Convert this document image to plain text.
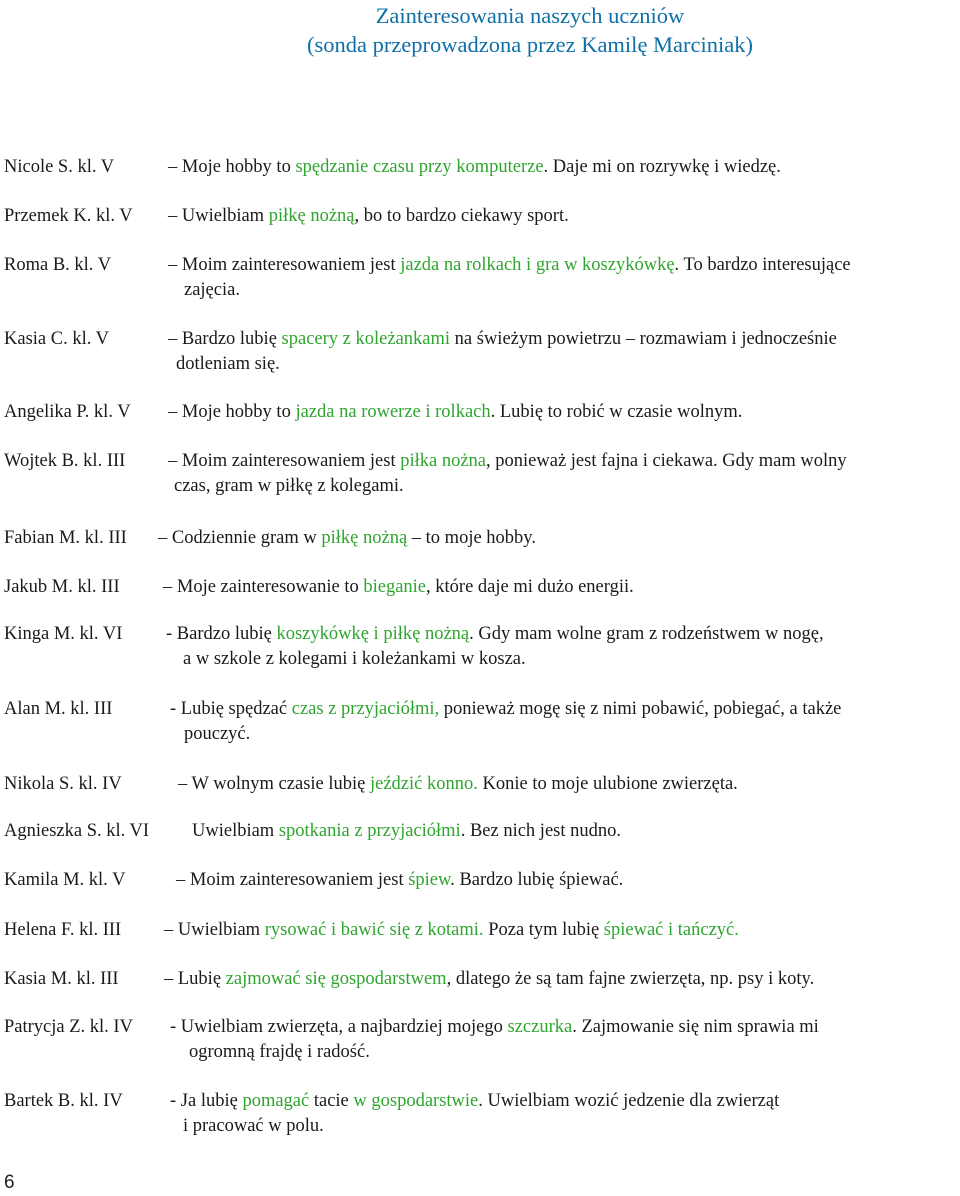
Zainteresowania naszych uczniów
(sonda przeprowadzona przez Kamilę Marciniak)
Nicole S. kl. V	– Moje hobby to spędzanie czasu przy komputerze. Daje mi on rozrywkę i wiedzę.
Przemek K. kl. V – Uwielbiam piłkę nożną, bo to bardzo ciekawy sport.
Roma B. kl. V	– Moim zainteresowaniem jest jazda na rolkach i gra w koszykówkę. To bardzo interesujące
zajęcia.
Kasia C. kl. V	– Bardzo lubię spacery z koleżankami na świeżym powietrzu – rozmawiam i jednocześnie
dotleniam się.
Angelika P. kl. V – Moje hobby to jazda na rowerze i rolkach. Lubię to robić w czasie wolnym.
Wojtek B. kl. III – Moim zainteresowaniem jest piłka nożna, ponieważ jest fajna i ciekawa. Gdy mam wolny
czas, gram w piłkę z kolegami.
Fabian M. kl. III – Codziennie gram w piłkę nożną – to moje hobby.
Jakub M. kl. III – Moje zainteresowanie to bieganie, które daje mi dużo energii.
Kinga M. kl. VI - Bardzo lubię koszykówkę i piłkę nożną. Gdy mam wolne gram z rodzeństwem w nogę,
a w szkole z kolegami i koleżankami w kosza.
Alan M. kl. III	- Lubię spędzać czas z przyjaciółmi, ponieważ mogę się z nimi pobawić, pobiegać, a także
pouczyć.
Nikola S. kl. IV	– W wolnym czasie lubię jeździć konno. Konie to moje ulubione zwierzęta.
Agnieszka S. kl. VI Uwielbiam spotkania z przyjaciółmi. Bez nich jest nudno.
Kamila M. kl. V	– Moim zainteresowaniem jest śpiew. Bardzo lubię śpiewać.
Helena F. kl. III – Uwielbiam rysować i bawić się z kotami. Poza tym lubię śpiewać i tańczyć.
Kasia M. kl. III – Lubię zajmować się gospodarstwem, dlatego że są tam fajne zwierzęta, np. psy i koty.
Patrycja Z. kl. IV - Uwielbiam zwierzęta, a najbardziej mojego szczurka. Zajmowanie się nim sprawia mi
ogromną frajdę i radość.
Bartek B. kl. IV	- Ja lubię pomagać tacie w gospodarstwie. Uwielbiam wozić jedzenie dla zwierząt
i pracować w polu.
6
